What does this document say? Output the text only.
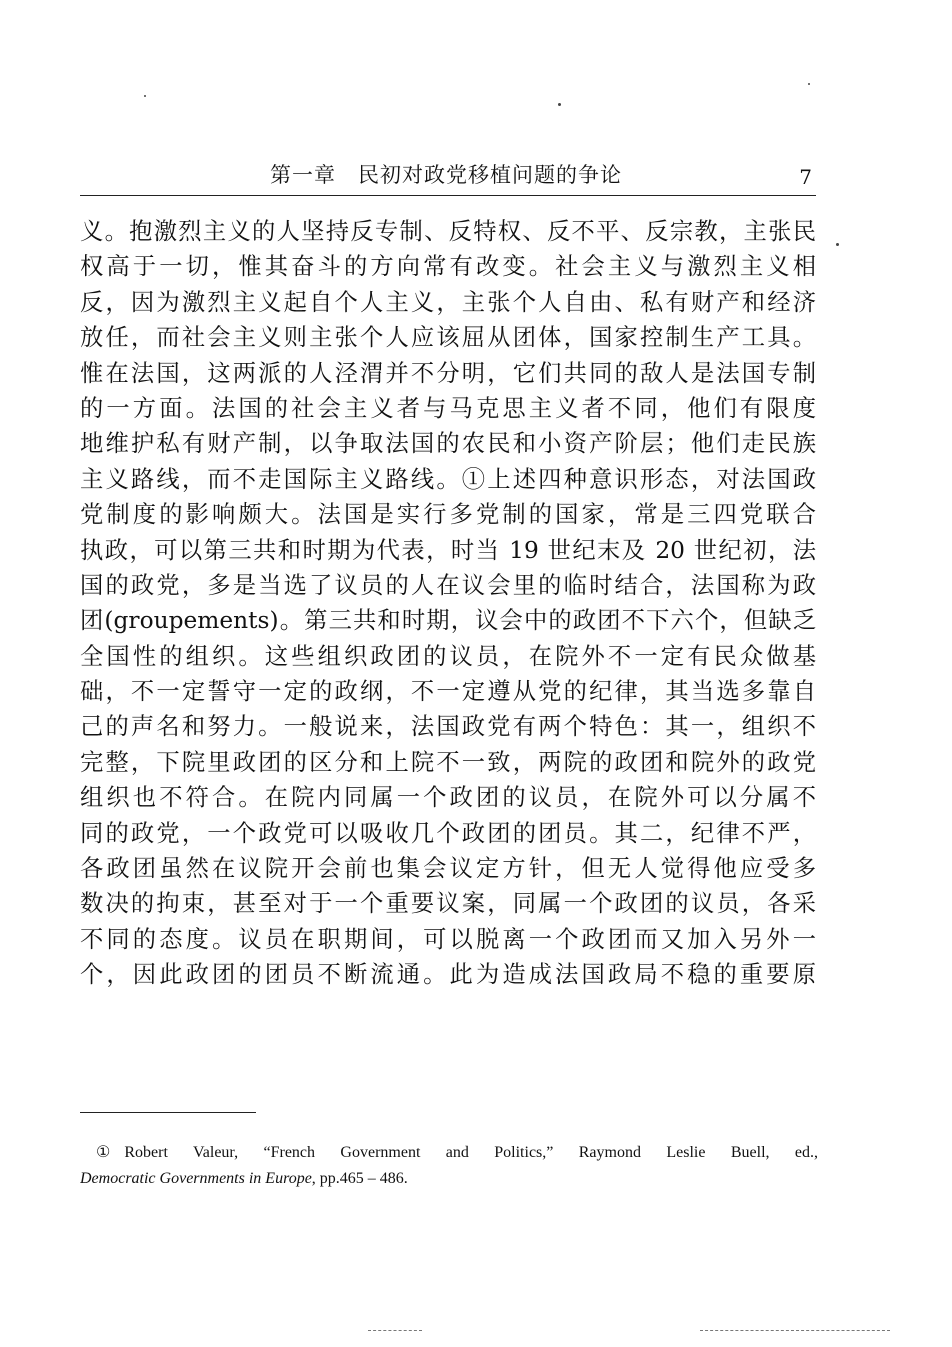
第一章　民初对政党移植问题的争论	7
义。抱激烈主义的人坚持反专制、反特权、反不平、反宗教，主张民
权高于一切，惟其奋斗的方向常有改变。社会主义与激烈主义相
反，因为激烈主义起自个人主义，主张个人自由、私有财产和经济
放任，而社会主义则主张个人应该屈从团体，国家控制生产工具。
惟在法国，这两派的人泾渭并不分明，它们共同的敌人是法国专制
的一方面。法国的社会主义者与马克思主义者不同，他们有限度
地维护私有财产制，以争取法国的农民和小资产阶层；他们走民族
主义路线，而不走国际主义路线。①上述四种意识形态，对法国政
党制度的影响颇大。法国是实行多党制的国家，常是三四党联合
执政，可以第三共和时期为代表，时当 19 世纪末及 20 世纪初，法
国的政党，多是当选了议员的人在议会里的临时结合，法国称为政
团(groupements)。第三共和时期，议会中的政团不下六个，但缺乏
全国性的组织。这些组织政团的议员，在院外不一定有民众做基
础，不一定誓守一定的政纲，不一定遵从党的纪律，其当选多靠自
己的声名和努力。一般说来，法国政党有两个特色：其一，组织不
完整，下院里政团的区分和上院不一致，两院的政团和院外的政党
组织也不符合。在院内同属一个政团的议员，在院外可以分属不
同的政党，一个政党可以吸收几个政团的团员。其二，纪律不严，
各政团虽然在议院开会前也集会议定方针，但无人觉得他应受多
数决的拘束，甚至对于一个重要议案，同属一个政团的议员，各采
不同的态度。议员在职期间，可以脱离一个政团而又加入另外一
个，因此政团的团员不断流通。此为造成法国政局不稳的重要原
① Robert Valeur, “French Government and Politics,” Raymond Leslie Buell, ed.,
Democratic Governments in Europe, pp.465 – 486.
